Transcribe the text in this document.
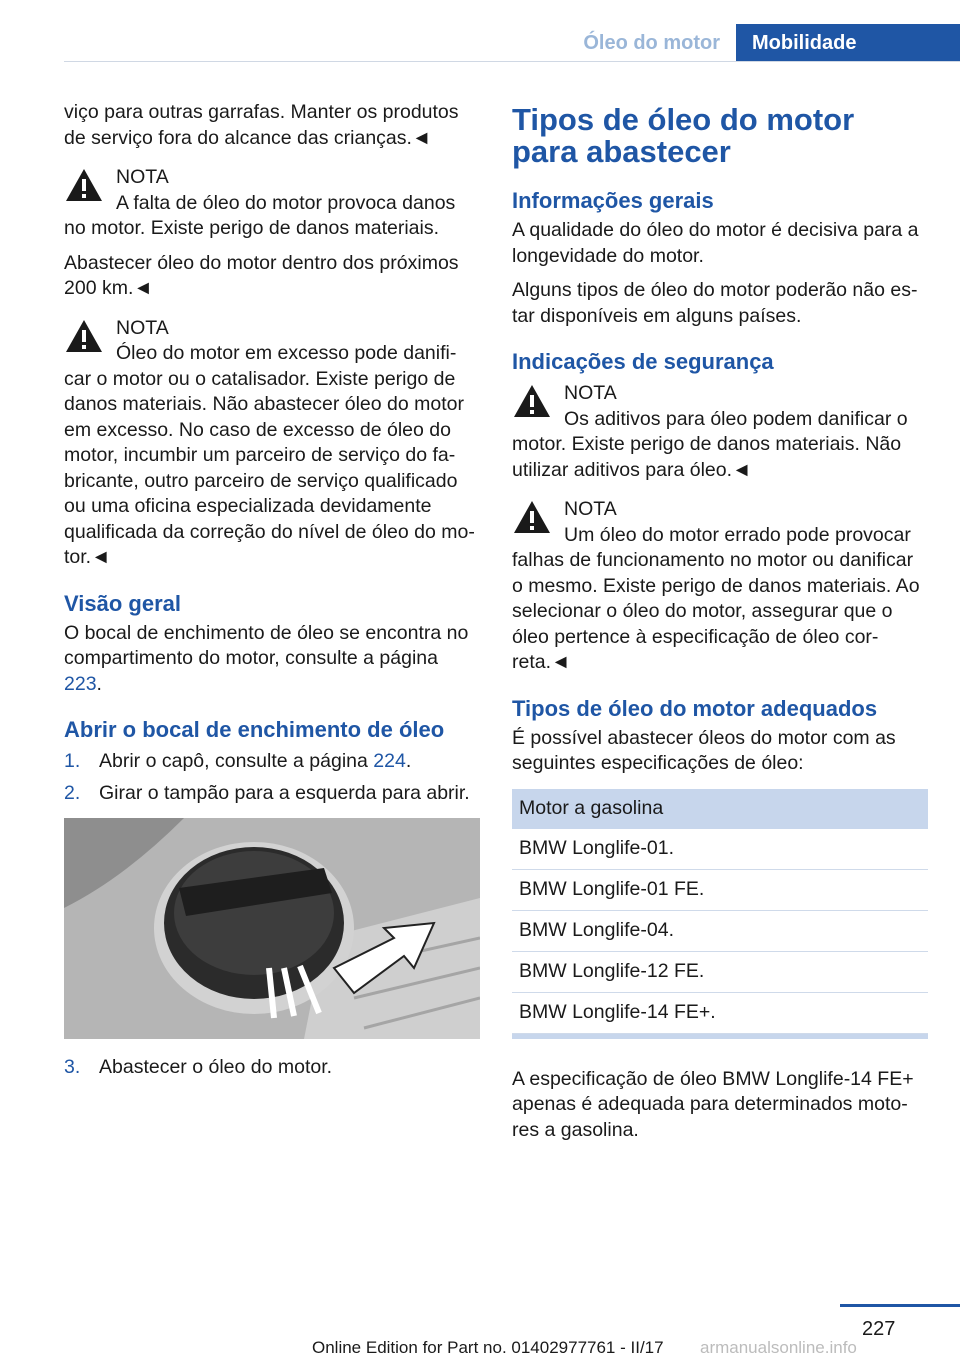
Óleo do motor	Mobilidade

viço para outras garrafas. Manter os produtos de serviço fora do alcance das crianças.◄

NOTA

A falta de óleo do motor provoca danos no motor. Existe perigo de danos materiais.

Abastecer óleo do motor dentro dos próximos 200 km.◄

NOTA

Óleo do motor em excesso pode danifi-car o motor ou o catalisador. Existe perigo de danos materiais. Não abastecer óleo do motor em excesso. No caso de excesso de óleo do motor, incumbir um parceiro de serviço do fa-bricante, outro parceiro de serviço qualificado ou uma oficina especializada devidamente qualificada da correção do nível de óleo do mo-tor.◄

Visão geral

O bocal de enchimento de óleo se encontra no compartimento do motor, consulte a página
223.

Abrir o bocal de enchimento de óleo
1. Abrir o capô, consulte a página 224.
2. Girar o tampão para a esquerda para abrir.
3. Abastecer o óleo do motor.
Tipos de óleo do motor para abastecer
Informações gerais

A qualidade do óleo do motor é decisiva para a longevidade do motor.

Alguns tipos de óleo do motor poderão não es-tar disponíveis em alguns países.

Indicações de segurança
NOTA

Os aditivos para óleo podem danificar o motor. Existe perigo de danos materiais. Não utilizar aditivos para óleo.◄

NOTA

Um óleo do motor errado pode provocar falhas de funcionamento no motor ou danificar o mesmo. Existe perigo de danos materiais. Ao selecionar o óleo do motor, assegurar que o óleo pertence à especificação de óleo cor-reta.◄

Tipos de óleo do motor adequados

É possível abastecer óleos do motor com as seguintes especificações de óleo:

Motor a gasolina
BMW Longlife-01.
BMW Longlife-01 FE.
BMW Longlife-04.
BMW Longlife-12 FE.
BMW Longlife-14 FE+.

A especificação de óleo BMW Longlife-14 FE+ apenas é adequada para determinados moto-res a gasolina.

227
Online Edition for Part no. 01402977761 - II/17 armanualsonline.info
